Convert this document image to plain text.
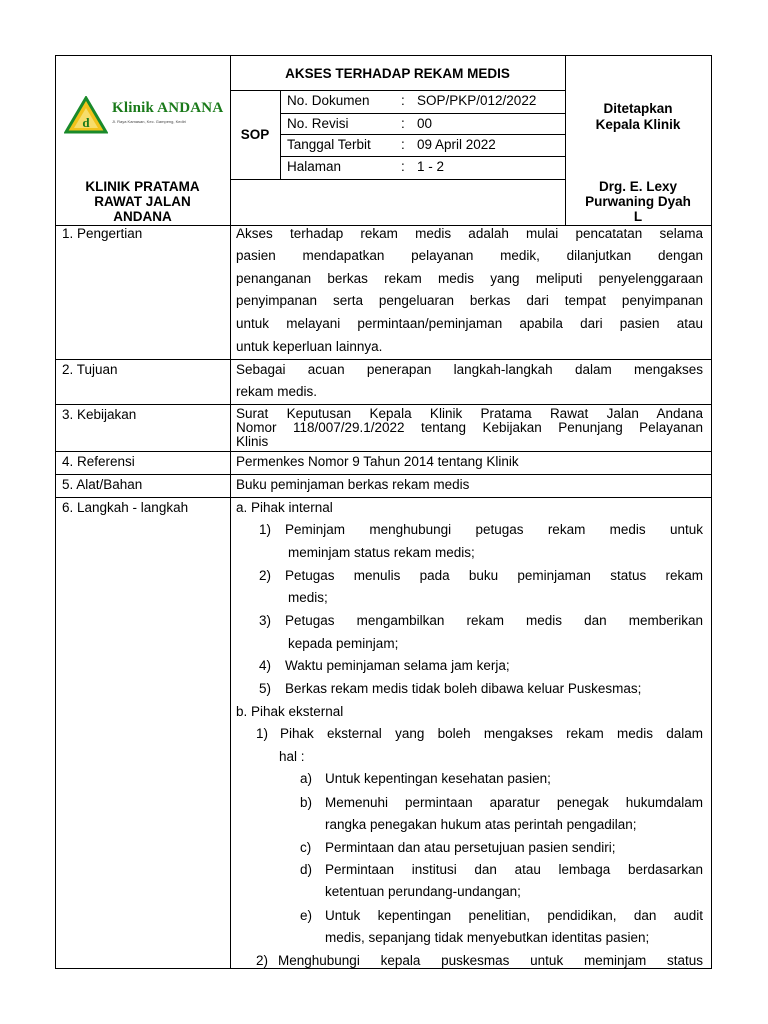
d
Klinik ANDANA
Jl. Raya Kamasan, Kec. Gampeng, Kediri
AKSES TERHADAP REKAM MEDIS
SOP
No. Dokumen : SOP/PKP/012/2022
No. Revisi	: 00
Tanggal Terbit : 09 April 2022
Halaman	: 1 - 2
Ditetapkan
Kepala Klinik
KLINIK PRATAMA
RAWAT JALAN
ANDANA
Drg. E. Lexy
Purwaning Dyah
L
1. Pengertian	Akses terhadap rekam medis adalah mulai pencatatan selama
pasien mendapatkan pelayanan medik, dilanjutkan dengan
penanganan berkas rekam medis yang meliputi penyelenggaraan
penyimpanan serta pengeluaran berkas dari tempat penyimpanan
untuk melayani permintaan/peminjaman apabila dari pasien atau
untuk keperluan lainnya.
2. Tujuan	Sebagai acuan penerapan langkah-langkah dalam mengakses
rekam medis.
3. Kebijakan	Surat Keputusan Kepala Klinik Pratama Rawat Jalan Andana
Nomor 118/007/29.1/2022 tentang Kebijakan Penunjang Pelayanan
Klinis
4. Referensi	Permenkes Nomor 9 Tahun 2014 tentang Klinik
5. Alat/Bahan	Buku peminjaman berkas rekam medis
6. Langkah - langkah	a. Pihak internal
1) Peminjam menghubungi petugas rekam medis untuk
meminjam status rekam medis;
2) Petugas menulis pada buku peminjaman status rekam
medis;
3) Petugas mengambilkan rekam medis dan memberikan
kepada peminjam;
4) Waktu peminjaman selama jam kerja;
5) Berkas rekam medis tidak boleh dibawa keluar Puskesmas;
b. Pihak eksternal
1) Pihak eksternal yang boleh mengakses rekam medis dalam
hal :
a) Untuk kepentingan kesehatan pasien;
b) Memenuhi permintaan aparatur penegak hukumdalam
rangka penegakan hukum atas perintah pengadilan;
c) Permintaan dan atau persetujuan pasien sendiri;
d) Permintaan institusi dan atau lembaga berdasarkan
ketentuan perundang-undangan;
e) Untuk kepentingan penelitian, pendidikan, dan audit
medis, sepanjang tidak menyebutkan identitas pasien;
2) Menghubungi kepala puskesmas untuk meminjam status
